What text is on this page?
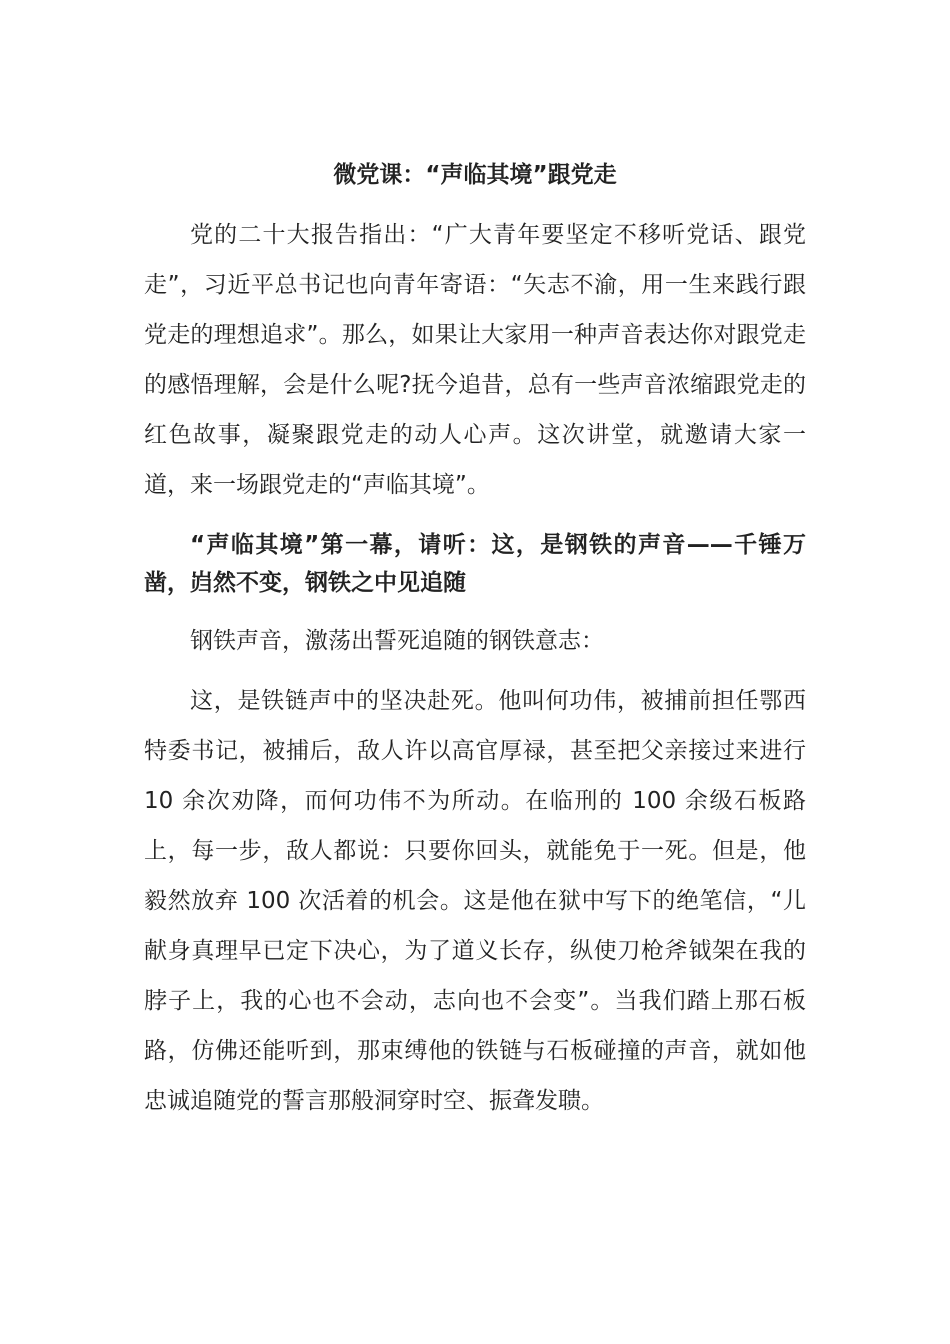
微党课：“声临其境”跟党走

党的二十大报告指出：“广大青年要坚定不移听党话、跟党走”，习近平总书记也向青年寄语：“矢志不渝，用一生来践行跟党走的理想追求”。那么，如果让大家用一种声音表达你对跟党走的感悟理解，会是什么呢?抚今追昔，总有一些声音浓缩跟党走的红色故事，凝聚跟党走的动人心声。这次讲堂，就邀请大家一道，来一场跟党走的“声临其境”。

“声临其境”第一幕，请听：这，是钢铁的声音——千锤万凿，岿然不变，钢铁之中见追随

钢铁声音，激荡出誓死追随的钢铁意志：

这，是铁链声中的坚决赴死。他叫何功伟，被捕前担任鄂西特委书记，被捕后，敌人许以高官厚禄，甚至把父亲接过来进行 10 余次劝降，而何功伟不为所动。在临刑的 100 余级石板路上，每一步，敌人都说：只要你回头，就能免于一死。但是，他毅然放弃 100 次活着的机会。这是他在狱中写下的绝笔信，“儿献身真理早已定下决心，为了道义长存，纵使刀枪斧钺架在我的脖子上，我的心也不会动，志向也不会变”。当我们踏上那石板路，仿佛还能听到，那束缚他的铁链与石板碰撞的声音，就如他忠诚追随党的誓言那般洞穿时空、振聋发聩。
